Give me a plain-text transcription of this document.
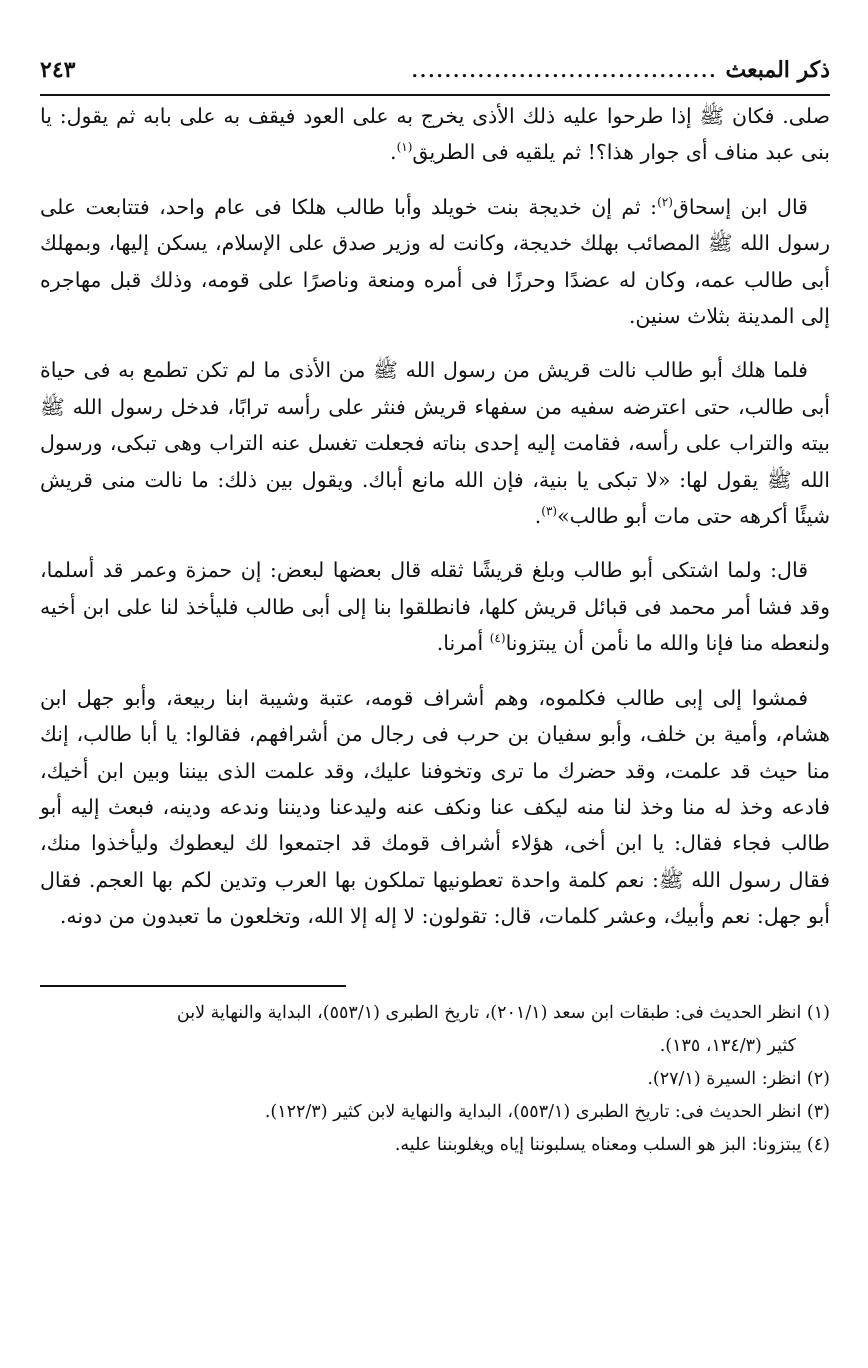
ذكر المبعث
.....................................
٢٤٣

صلى. فكان ﷺ إذا طرحوا عليه ذلك الأذى يخرج به على العود فيقف به على بابه ثم يقول: يا بنى عبد مناف أى جوار هذا؟! ثم يلقيه فى الطريق$^{(١)}$.

قال ابن إسحاق$^{(٢)}$: ثم إن خديجة بنت خويلد وأبا طالب هلكا فى عام واحد، فتتابعت على رسول الله ﷺ المصائب بهلك خديجة، وكانت له وزير صدق على الإسلام، يسكن إليها، وبمهلك أبى طالب عمه، وكان له عضدًا وحرزًا فى أمره ومنعة وناصرًا على قومه، وذلك قبل مهاجره إلى المدينة بثلاث سنين.

فلما هلك أبو طالب نالت قريش من رسول الله ﷺ من الأذى ما لم تكن تطمع به فى حياة أبى طالب، حتى اعترضه سفيه من سفهاء قريش فنثر على رأسه ترابًا، فدخل رسول الله ﷺ بيته والتراب على رأسه، فقامت إليه إحدى بناته فجعلت تغسل عنه التراب وهى تبكى، ورسول الله ﷺ يقول لها: «لا تبكى يا بنية، فإن الله مانع أباك. ويقول بين ذلك: ما نالت منى قريش شيئًا أكرهه حتى مات أبو طالب»$^{(٣)}$.

قال: ولما اشتكى أبو طالب وبلغ قريشًا ثقله قال بعضها لبعض: إن حمزة وعمر قد أسلما، وقد فشا أمر محمد فى قبائل قريش كلها، فانطلقوا بنا إلى أبى طالب فليأخذ لنا على ابن أخيه ولنعطه منا فإنا والله ما نأمن أن يبتزونا$^{(٤)}$ أمرنا.

فمشوا إلى إبى طالب فكلموه، وهم أشراف قومه، عتبة وشيبة ابنا ربيعة، وأبو جهل ابن هشام، وأمية بن خلف، وأبو سفيان بن حرب فى رجال من أشرافهم، فقالوا: يا أبا طالب، إنك منا حيث قد علمت، وقد حضرك ما ترى وتخوفنا عليك، وقد علمت الذى بيننا وبين ابن أخيك، فادعه وخذ له منا وخذ لنا منه ليكف عنا ونكف عنه وليدعنا وديننا وندعه ودينه، فبعث إليه أبو طالب فجاء فقال: يا ابن أخى، هؤلاء أشراف قومك قد اجتمعوا لك ليعطوك وليأخذوا منك، فقال رسول الله ﷺ: نعم كلمة واحدة تعطونيها تملكون بها العرب وتدين لكم بها العجم. فقال أبو جهل: نعم وأبيك، وعشر كلمات، قال: تقولون: لا إله إلا الله، وتخلعون ما تعبدون من دونه.

(١) انظر الحديث فى: طبقات ابن سعد (٢٠١/١)، تاريخ الطبرى (٥٥٣/١)، البداية والنهاية لابن
كثير (١٣٤/٣، ١٣٥).

(٢) انظر: السيرة (٢٧/١).

(٣) انظر الحديث فى: تاريخ الطبرى (٥٥٣/١)، البداية والنهاية لابن كثير (١٢٢/٣).

(٤) يبتزونا: البز هو السلب ومعناه يسلبوننا إياه ويغلوبننا عليه.
